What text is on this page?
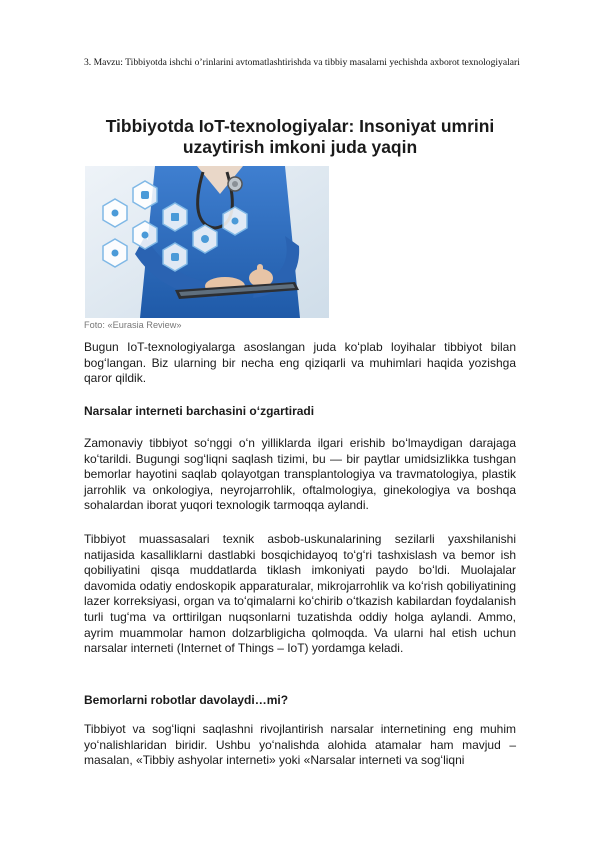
3. Mavzu: Tibbiyotda ishchi o’rinlarini avtomatlashtirishda va tibbiy masalarni yechishda axborot texnologiyalari
Tibbiyotda IoT-texnologiyalar: Insoniyat umrini uzaytirish imkoni juda yaqin
Foto: «Eurasia Review»

Bugun IoT-texnologiyalarga asoslangan juda koʻplab loyihalar tibbiyot bilan bogʻlangan. Biz ularning bir necha eng qiziqarli va muhimlari haqida yozishga qaror qildik.

Narsalar interneti barchasini oʻzgartiradi

Zamonaviy tibbiyot soʻnggi oʻn yilliklarda ilgari erishib boʻlmaydigan darajaga koʻtarildi. Bugungi sogʻliqni saqlash tizimi, bu — bir paytlar umidsizlikka tushgan bemorlar hayotini saqlab qolayotgan transplantologiya va travmatologiya, plastik jarrohlik va onkologiya, neyrojarrohlik, oftalmologiya, ginekologiya va boshqa sohalardan iborat yuqori texnologik tarmoqqa aylandi.

Tibbiyot muassasalari texnik asbob-uskunalarining sezilarli yaxshilanishi natijasida kasalliklarni dastlabki bosqichidayoq toʻgʻri tashxislash va bemor ish qobiliyatini qisqa muddatlarda tiklash imkoniyati paydo boʻldi. Muolajalar davomida odatiy endoskopik apparaturalar, mikrojarrohlik va koʻrish qobiliyatining lazer korreksiyasi, organ va toʻqimalarni koʻchirib oʻtkazish kabilardan foydalanish turli tugʻma va orttirilgan nuqsonlarni tuzatishda oddiy holga aylandi. Ammo, ayrim muammolar hamon dolzarbligicha qolmoqda. Va ularni hal etish uchun narsalar interneti (Internet of Things – IoT) yordamga keladi.

Bemorlarni robotlar davolaydi…mi?

Tibbiyot va sogʻliqni saqlashni rivojlantirish narsalar internetining eng muhim yoʻnalishlaridan biridir. Ushbu yoʻnalishda alohida atamalar ham mavjud – masalan, «Tibbiy ashyolar interneti» yoki «Narsalar interneti va sogʻliqni
